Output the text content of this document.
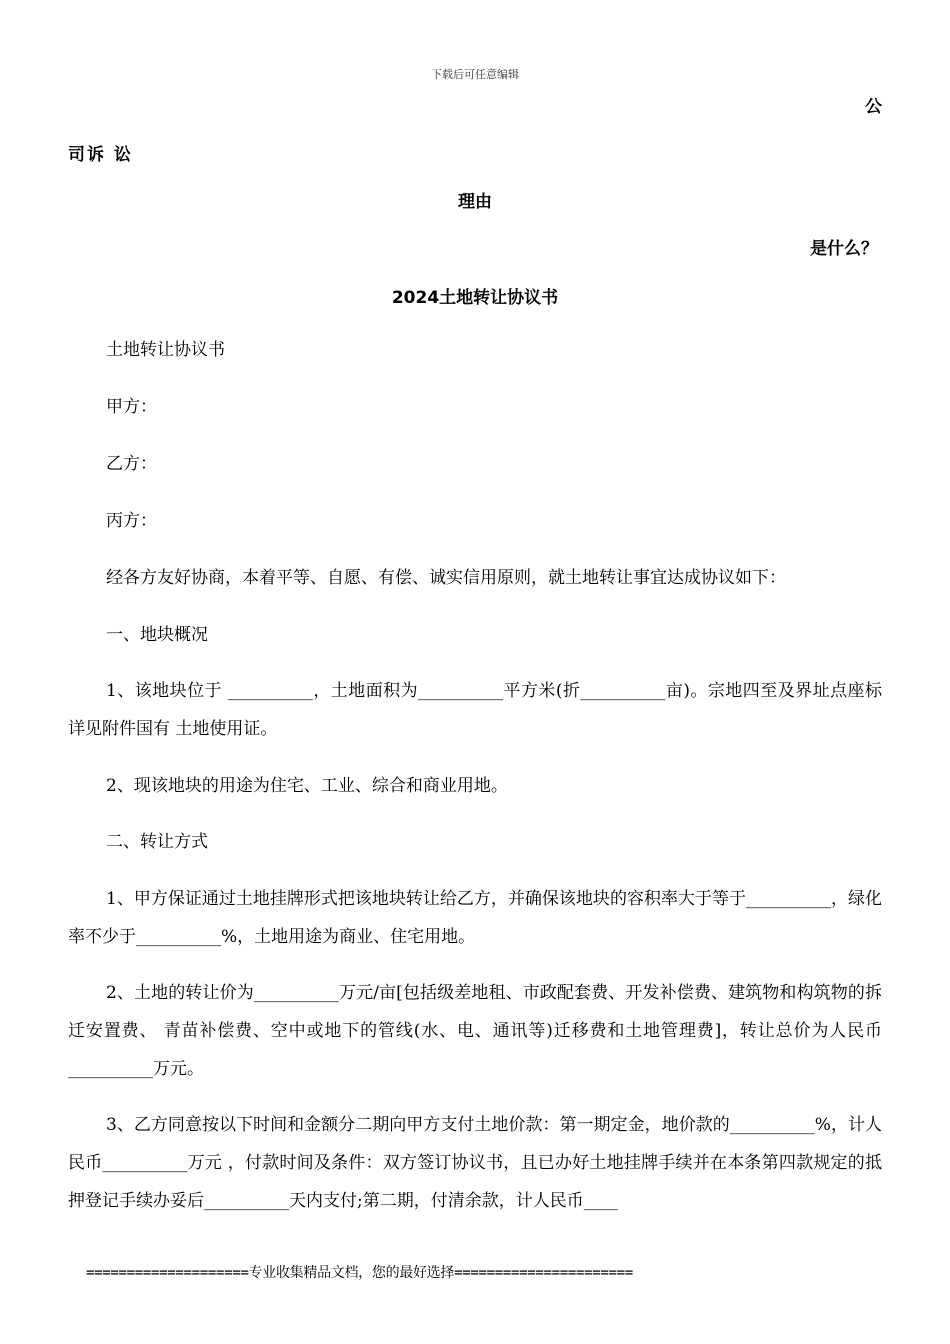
下载后可任意编辑
公
司诉 讼
理由
是什么？
2024土地转让协议书
土地转让协议书
甲方：
乙方：
丙方：
经各方友好协商，本着平等、自愿、有偿、诚实信用原则，就土地转让事宜达成协议如下：
一、地块概况
1、该地块位于 __________，土地面积为__________平方米(折__________亩)。宗地四至及界址点座标详见附件国有 土地使用证。
2、现该地块的用途为住宅、工业、综合和商业用地。
二、转让方式
1、甲方保证通过土地挂牌形式把该地块转让给乙方，并确保该地块的容积率大于等于__________，绿化率不少于__________%，土地用途为商业、住宅用地。
2、土地的转让价为__________万元/亩[包括级差地租、市政配套费、开发补偿费、建筑物和构筑物的拆迁安置费、 青苗补偿费、空中或地下的管线(水、电、通讯等)迁移费和土地管理费]，转让总价为人民币__________万元。
3、乙方同意按以下时间和金额分二期向甲方支付土地价款：第一期定金，地价款的__________%，计人民币__________万元 ，付款时间及条件：双方签订协议书，且已办好土地挂牌手续并在本条第四款规定的抵押登记手续办妥后__________天内支付;第二期，付清余款，计人民币____
====================专业收集精品文档，您的最好选择======================
